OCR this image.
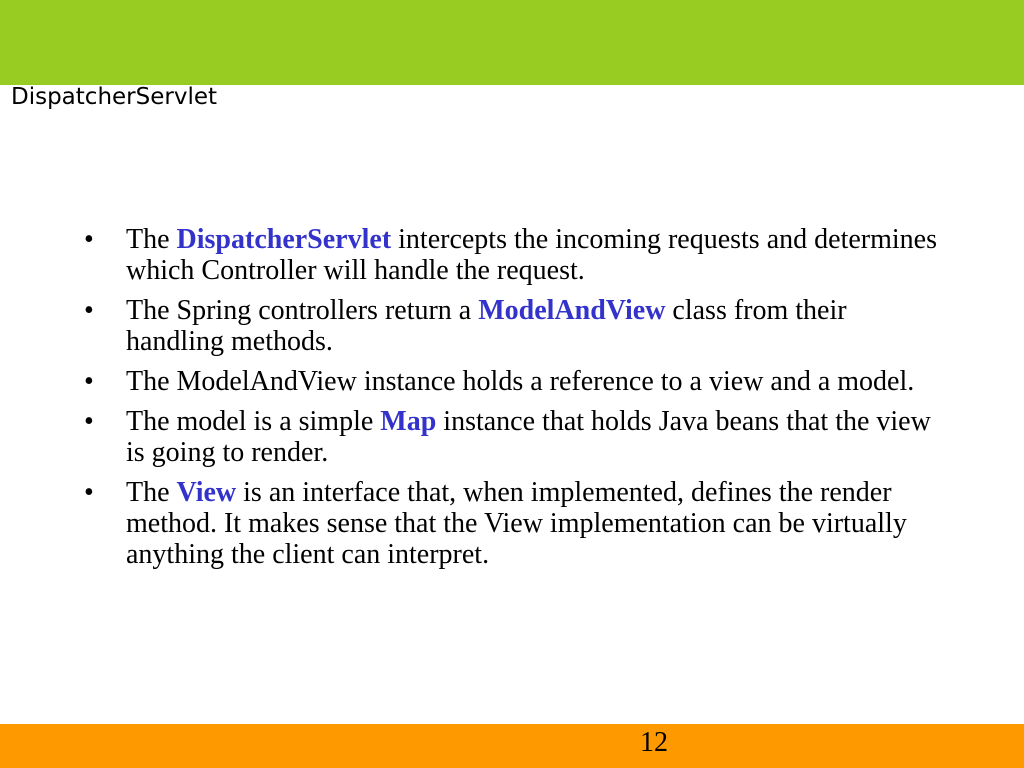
DispatcherServlet
• The DispatcherServlet intercepts the incoming requests and determines which Controller will handle the request.
• The Spring controllers return a ModelAndView class from their handling methods.
• The ModelAndView instance holds a reference to a view and a model.
• The model is a simple Map instance that holds Java beans that the view is going to render.
• The View is an interface that, when implemented, defines the render method. It makes sense that the View implementation can be virtually anything the client can interpret.
12
